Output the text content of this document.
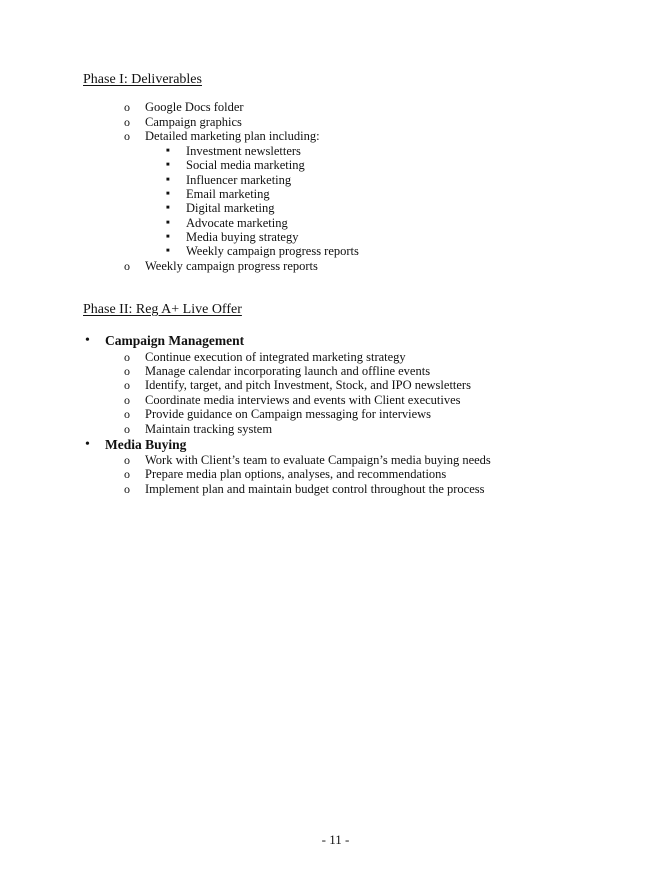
Phase I: Deliverables
o Google Docs folder
o Campaign graphics
o Detailed marketing plan including:
■ Investment newsletters
■ Social media marketing
■ Influencer marketing
■ Email marketing
■ Digital marketing
■ Advocate marketing
■ Media buying strategy
■ Weekly campaign progress reports
o Weekly campaign progress reports
Phase II: Reg A+ Live Offer
• Campaign Management
o Continue execution of integrated marketing strategy
o Manage calendar incorporating launch and offline events
o Identify, target, and pitch Investment, Stock, and IPO newsletters
o Coordinate media interviews and events with Client executives
o Provide guidance on Campaign messaging for interviews
o Maintain tracking system
• Media Buying
o Work with Client’s team to evaluate Campaign’s media buying needs
o Prepare media plan options, analyses, and recommendations
o Implement plan and maintain budget control throughout the process
- 11 -
